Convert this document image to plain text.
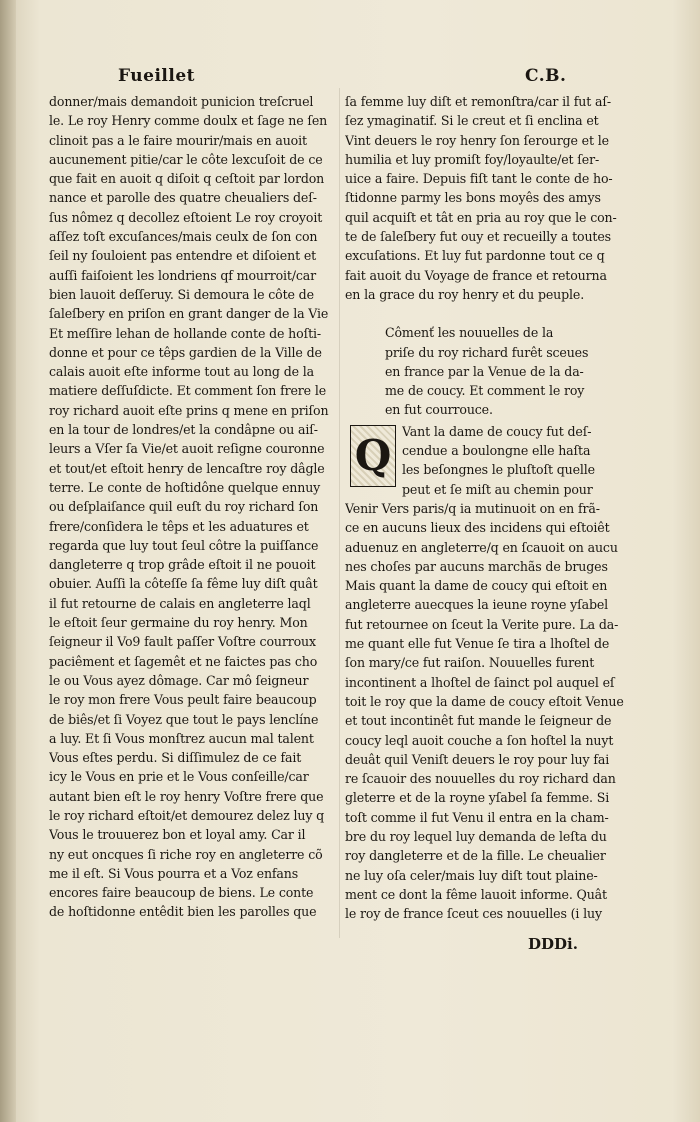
Fueillet	C.B.
donner/mais demandoit punicion treſcruel
le. Le roy Henry comme doulx et ſage ne ſen
clinoit pas a le faire mourir/mais en auoit
aucunement pitie/car le côte lexcuſoit de ce
que fait en auoit q diſoit q ceſtoit par lordon
nance et parolle des quatre cheualiers deſ-
ſus nômez q decollez eſtoient Le roy croyoit
aſſez toſt excuſances/mais ceulx de ſon con
ſeil ny ſouloient pas entendre et diſoient et
auſſi faiſoient les londriens qf mourroit/car
bien lauoit deſſeruy. Si demoura le côte de
ſaleſbery en priſon en grant danger de la Vie
Et meſſire lehan de hollande conte de hoſti-
donne et pour ce têps gardien de la Ville de
calais auoit eſte informe tout au long de la
matiere deſſuſdicte. Et comment ſon frere le
roy richard auoit eſte prins q mene en priſon
en la tour de londres/et la condâpne ou aiſ-
leurs a Vſer ſa Vie/et auoit reſigne couronne
et tout/et eſtoit henry de lencaſtre roy dâgle
terre. Le conte de hoſtidône quelque ennuy
ou deſplaiſance quil euſt du roy richard ſon
frere/conſidera le têps et les aduatures et
regarda que luy tout ſeul côtre la puiſſance
dangleterre q trop grâde eſtoit il ne pouoit
obuier. Auſſi la côteſſe ſa fême luy diſt quât
il fut retourne de calais en angleterre laql
le eſtoit ſeur germaine du roy henry. Mon
ſeigneur il Vo9 fault paſſer Voſtre courroux
paciêment et ſagemêt et ne faictes pas cho
le ou Vous ayez dômage. Car mô ſeigneur
le roy mon frere Vous peult faire beaucoup
de biês/et ſi Voyez que tout le pays lenclíne
a luy. Et ſi Vous monſtrez aucun mal talent
Vous eſtes perdu. Si diſſimulez de ce fait
icy le Vous en prie et le Vous conſeille/car
autant bien eſt le roy henry Voſtre frere que
le roy richard eſtoit/et demourez delez luy q
Vous le trouuerez bon et loyal amy. Car il
ny eut oncques ſi riche roy en angleterre cõ
me il eſt. Si Vous pourra et a Voz enfans
encores faire beaucoup de biens. Le conte
de hoſtidonne entêdit bien les parolles que
ſa femme luy diſt et remonſtra/car il fut aſ-
ſez ymaginatif. Si le creut et ſi enclina et
Vint deuers le roy henry ſon ſerourge et le
humilia et luy promiſt foy/loyaulte/et ſer-
uice a faire. Depuis fiſt tant le conte de ho-
ſtidonne parmy les bons moyês des amys
quil acquiſt et tât en pria au roy que le con-
te de ſaleſbery fut ouy et recueilly a toutes
excuſations. Et luy fut pardonne tout ce q
fait auoit du Voyage de france et retourna
en la grace du roy henry et du peuple.
Cômenť les nouuelles de la
priſe du roy richard furêt sceues
en france par la Venue de la da-
me de coucy. Et comment le roy
en fut courrouce.
Q Vant la dame de coucy fut deſ-
cendue a boulongne elle haſta
les beſongnes le pluſtoſt quelle
peut et ſe miſt au chemin pour
Venir Vers paris/q ia mutinuoit on en frã-
ce en aucuns lieux des incidens qui eſtoiêt
aduenuz en angleterre/q en ſcauoit on aucu
nes choſes par aucuns marchãs de bruges
Mais quant la dame de coucy qui eſtoit en
angleterre auecques la ieune royne yſabel
fut retournee on ſceut la Verite pure. La da-
me quant elle fut Venue ſe tira a lhoſtel de
ſon mary/ce fut raiſon. Nouuelles furent
incontinent a lhoſtel de ſainct pol auquel eſ
toit le roy que la dame de coucy eſtoit Venue
et tout incontinêt fut mande le ſeigneur de
coucy leql auoit couche a ſon hoſtel la nuyt
deuât quil Veniſt deuers le roy pour luy fai
re ſcauoir des nouuelles du roy richard dan
gleterre et de la royne yſabel ſa femme. Si
toſt comme il fut Venu il entra en la cham-
bre du roy lequel luy demanda de leſta du
roy dangleterre et de la fille. Le cheualier
ne luy oſa celer/mais luy diſt tout plaine-
ment ce dont la fême lauoit informe. Quât
le roy de france ſceut ces nouuelles (i luy
DDDi.
